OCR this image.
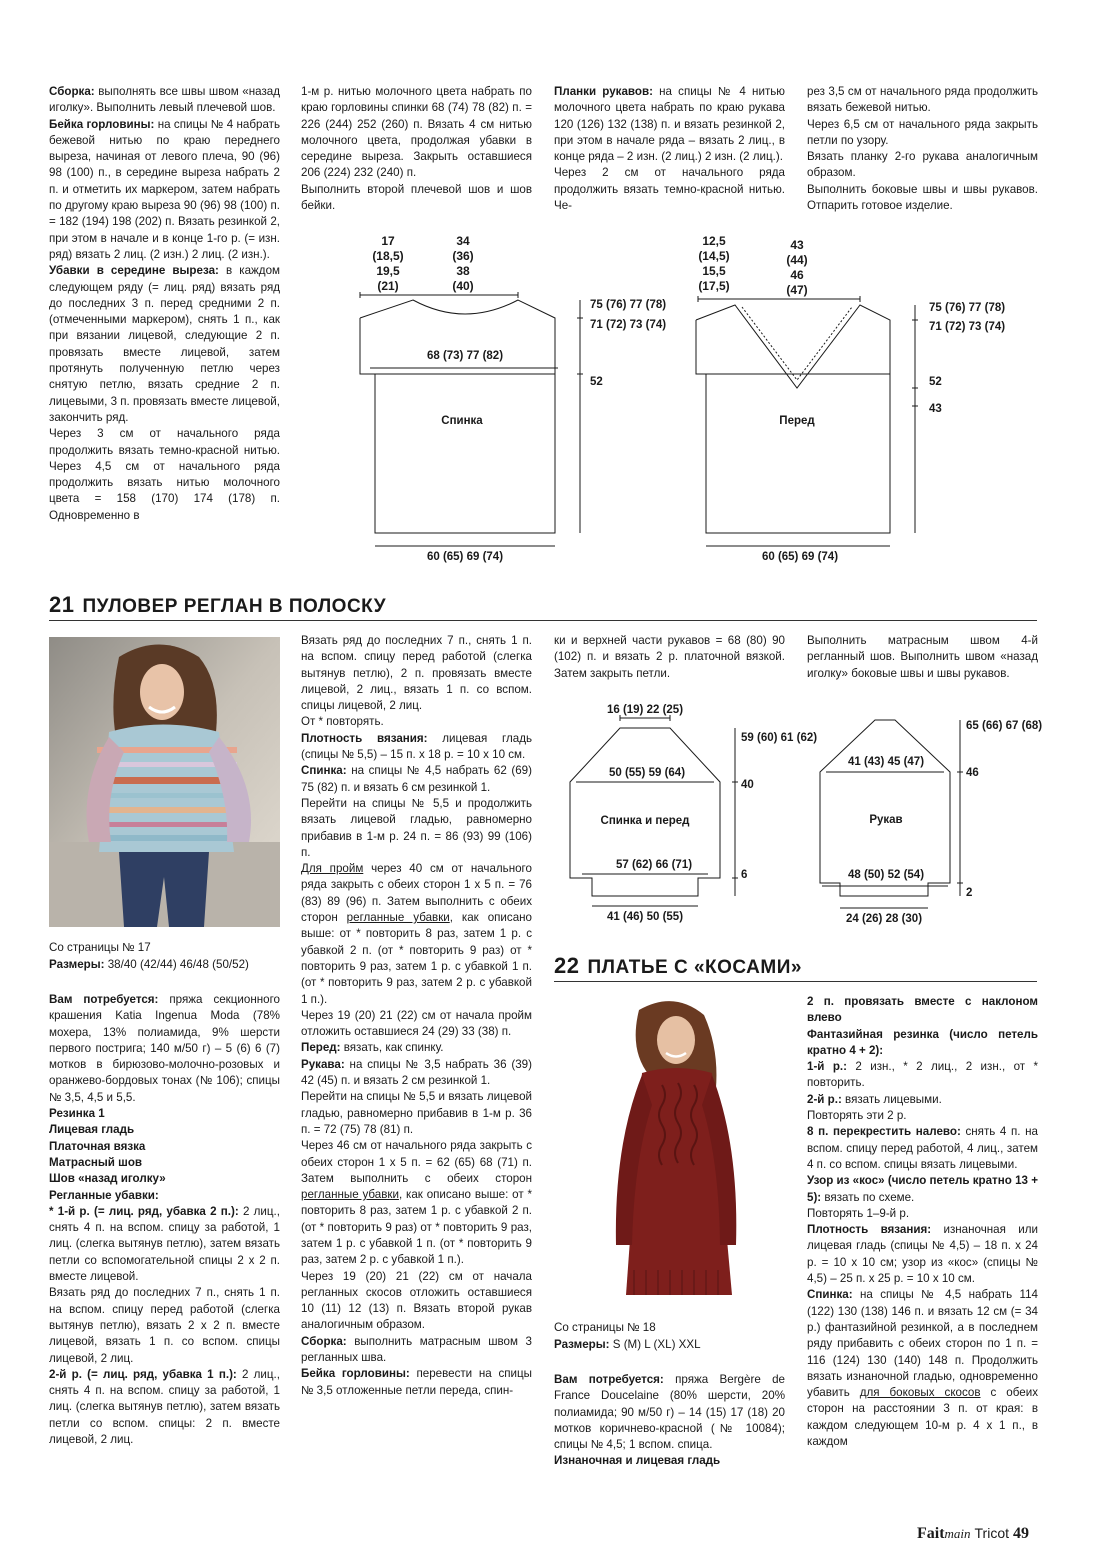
Сборка: выполнять все швы швом «назад иголку». Выполнить левый плечевой шов.

Бейка горловины: на спицы № 4 набрать бежевой нитью по краю переднего выреза, начиная от левого плеча, 90 (96) 98 (100) п., в середине выреза набрать 2 п. и отметить их маркером, затем набрать по другому краю выреза 90 (96) 98 (100) п. = 182 (194) 198 (202) п. Вязать резинкой 2, при этом в начале и в конце 1-го р. (= изн. ряд) вязать 2 лиц. (2 изн.) 2 лиц. (2 изн.).

Убавки в середине выреза: в каждом следующем ряду (= лиц. ряд) вязать ряд до последних 3 п. перед средними 2 п. (отмеченными маркером), снять 1 п., как при вязании лицевой, следующие 2 п. провязать вместе лицевой, затем протянуть полученную петлю через снятую петлю, вязать средние 2 п. лицевыми, 3 п. провязать вместе лицевой, закончить ряд.

Через 3 см от начального ряда продолжить вязать темно-красной нитью. Через 4,5 см от начального ряда продолжить вязать нитью молочного цвета = 158 (170) 174 (178) п. Одновременно в

1-м р. нитью молочного цвета набрать по краю горловины спинки 68 (74) 78 (82) п. = 226 (244) 252 (260) п. Вязать 4 см нитью молочного цвета, продолжая убавки в середине выреза. Закрыть оставшиеся 206 (224) 232 (240) п.

Выполнить второй плечевой шов и шов бейки.

Планки рукавов: на спицы № 4 нитью молочного цвета набрать по краю рукава 120 (126) 132 (138) п. и вязать резинкой 2, при этом в начале ряда – вязать 2 лиц., в конце ряда – 2 изн. (2 лиц.) 2 изн. (2 лиц.).

Через 2 см от начального ряда продолжить вязать темно-красной нитью. Че-

рез 3,5 см от начального ряда продолжить вязать бежевой нитью.

Через 6,5 см от начального ряда закрыть петли по узору.

Вязать планку 2-го рукава аналогичным образом.

Выполнить боковые швы и швы рукавов. Отпарить готовое изделие.

17
(18,5)
19,5
(21)
34
(36)
38
(40)
68 (73) 77 (82)
Спинка
75 (76) 77 (78)
71 (72) 73 (74)
52
60 (65) 69 (74)
12,5
(14,5)
15,5
(17,5)
43
(44)
46
(47)
Перед
75 (76) 77 (78)
71 (72) 73 (74)
52
43
60 (65) 69 (74)
21 ПУЛОВЕР РЕГЛАН В ПОЛОСКУ
Со страницы № 17
Размеры: 38/40 (42/44) 46/48 (50/52)

Вам потребуется: пряжа секционного крашения Katia Ingenua Moda (78% мохера, 13% полиамида, 9% шерсти первого пострига; 140 м/50 г) – 5 (6) 6 (7) мотков в бирюзово-молочно-розовых и оранжево-бордовых тонах (№ 106); спицы № 3,5, 4,5 и 5,5.

Резинка 1

Лицевая гладь

Платочная вязка

Матрасный шов

Шов «назад иголку»

Регланные убавки:

* 1-й р. (= лиц. ряд, убавка 2 п.): 2 лиц., снять 4 п. на вспом. спицу за работой, 1 лиц. (слегка вытянув петлю), затем вязать петли со вспомогательной спицы 2 х 2 п. вместе лицевой.

Вязать ряд до последних 7 п., снять 1 п. на вспом. спицу перед работой (слегка вытянув петлю), вязать 2 х 2 п. вместе лицевой, вязать 1 п. со вспом. спицы лицевой, 2 лиц.

2-й р. (= лиц. ряд, убавка 1 п.): 2 лиц., снять 4 п. на вспом. спицу за работой, 1 лиц. (слегка вытянув петлю), затем вязать петли со вспом. спицы: 2 п. вместе лицевой, 2 лиц.

Вязать ряд до последних 7 п., снять 1 п. на вспом. спицу перед работой (слегка вытянув петлю), 2 п. провязать вместе лицевой, 2 лиц., вязать 1 п. со вспом. спицы лицевой, 2 лиц.

От * повторять.

Плотность вязания: лицевая гладь (спицы № 5,5) – 15 п. х 18 р. = 10 х 10 см.

Спинка: на спицы № 4,5 набрать 62 (69) 75 (82) п. и вязать 6 см резинкой 1.

Перейти на спицы № 5,5 и продолжить вязать лицевой гладью, равномерно прибавив в 1-м р. 24 п. = 86 (93) 99 (106) п.

Для пройм через 40 см от начального ряда закрыть с обеих сторон 1 х 5 п. = 76 (83) 89 (96) п. Затем выполнить с обеих сторон регланные убавки, как описано выше: от * повторить 8 раз, затем 1 р. с убавкой 2 п. (от * повторить 9 раз) от * повторить 9 раз, затем 1 р. с убавкой 1 п. (от * повторить 9 раз, затем 2 р. с убавкой 1 п.).

Через 19 (20) 21 (22) см от начала пройм отложить оставшиеся 24 (29) 33 (38) п.

Перед: вязать, как спинку.

Рукава: на спицы № 3,5 набрать 36 (39) 42 (45) п. и вязать 2 см резинкой 1.

Перейти на спицы № 5,5 и вязать лицевой гладью, равномерно прибавив в 1-м р. 36 п. = 72 (75) 78 (81) п.

Через 46 см от начального ряда закрыть с обеих сторон 1 х 5 п. = 62 (65) 68 (71) п. Затем выполнить с обеих сторон регланные убавки, как описано выше: от * повторить 8 раз, затем 1 р. с убавкой 2 п. (от * повторить 9 раз) от * повторить 9 раз, затем 1 р. с убавкой 1 п. (от * повторить 9 раз, затем 2 р. с убавкой 1 п.).

Через 19 (20) 21 (22) см от начала регланных скосов отложить оставшиеся 10 (11) 12 (13) п. Вязать второй рукав аналогичным образом.

Сборка: выполнить матрасным швом 3 регланных шва.

Бейка горловины: перевести на спицы № 3,5 отложенные петли переда, спин-

ки и верхней части рукавов = 68 (80) 90 (102) п. и вязать 2 р. платочной вязкой. Затем закрыть петли.

Выполнить матрасным швом 4-й регланный шов. Выполнить швом «назад иголку» боковые швы и швы рукавов.

16 (19) 22 (25)
50 (55) 59 (64)
Спинка и перед
57 (62) 66 (71)
41 (46) 50 (55)
59 (60) 61 (62)
40
6
41 (43) 45 (47)
Рукав
48 (50) 52 (54)
24 (26) 28 (30)
65 (66) 67 (68)
46
2
22 ПЛАТЬЕ С «КОСАМИ»
Со страницы № 18
Размеры: S (M) L (XL) XXL

Вам потребуется: пряжа Bergère de France Doucelaine (80% шерсти, 20% полиамида; 90 м/50 г) – 14 (15) 17 (18) 20 мотков коричнево-красной (№ 10084); спицы № 4,5; 1 вспом. спица.

Изнаночная и лицевая гладь

2 п. провязать вместе с наклоном влево

Фантазийная резинка (число петель кратно 4 + 2):

1-й р.: 2 изн., * 2 лиц., 2 изн., от * повторить.

2-й р.: вязать лицевыми.

Повторять эти 2 р.

8 п. перекрестить налево: снять 4 п. на вспом. спицу перед работой, 4 лиц., затем 4 п. со вспом. спицы вязать лицевыми.

Узор из «кос» (число петель кратно 13 + 5): вязать по схеме.

Повторять 1–9-й р.

Плотность вязания: изнаночная или лицевая гладь (спицы № 4,5) – 18 п. х 24 р. = 10 х 10 см; узор из «кос» (спицы № 4,5) – 25 п. х 25 р. = 10 х 10 см.

Спинка: на спицы № 4,5 набрать 114 (122) 130 (138) 146 п. и вязать 12 см (= 34 р.) фантазийной резинкой, а в последнем ряду прибавить с обеих сторон по 1 п. = 116 (124) 130 (140) 148 п. Продолжить вязать изнаночной гладью, одновременно убавить для боковых скосов с обеих сторон на расстоянии 3 п. от края: в каждом следующем 10-м р. 4 х 1 п., в каждом

Faitmain Tricot 49
